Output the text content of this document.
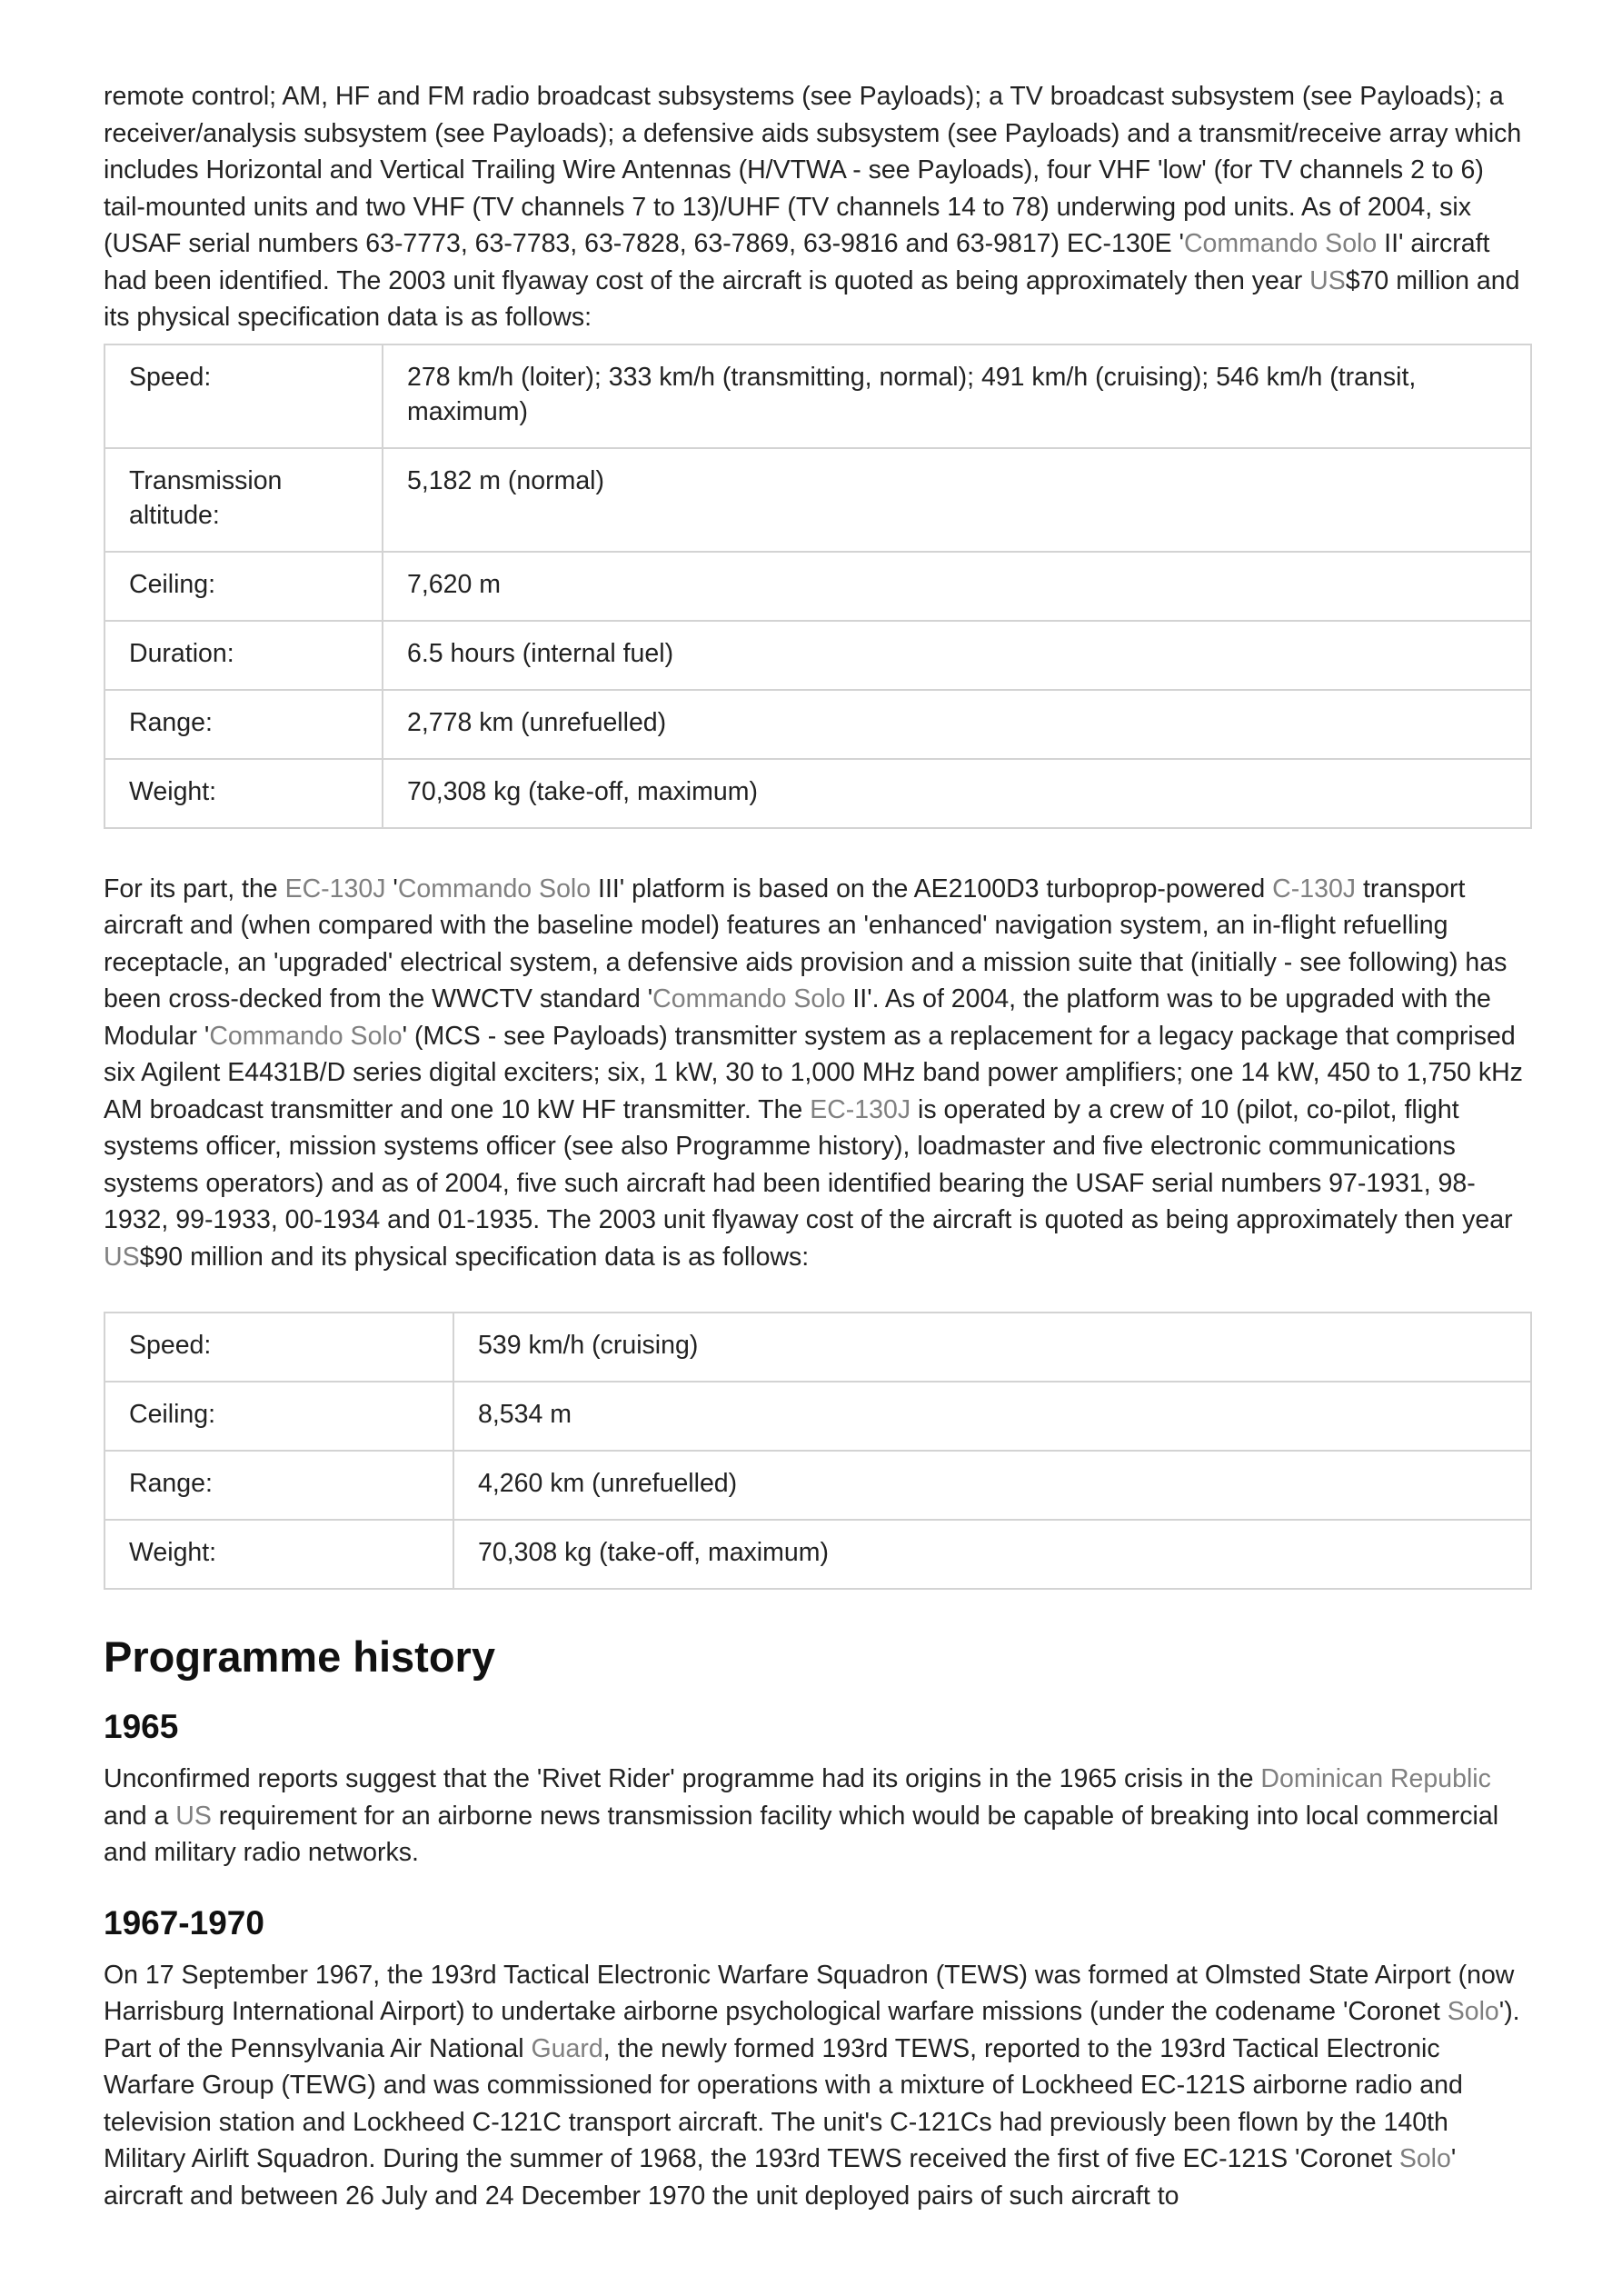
remote control; AM, HF and FM radio broadcast subsystems (see Payloads); a TV broadcast subsystem (see Payloads); a receiver/analysis subsystem (see Payloads); a defensive aids subsystem (see Payloads) and a transmit/receive array which includes Horizontal and Vertical Trailing Wire Antennas (H/VTWA - see Payloads), four VHF 'low' (for TV channels 2 to 6) tail-mounted units and two VHF (TV channels 7 to 13)/UHF (TV channels 14 to 78) underwing pod units. As of 2004, six (USAF serial numbers 63-7773, 63-7783, 63-7828, 63-7869, 63-9816 and 63-9817) EC-130E 'Commando Solo II' aircraft had been identified. The 2003 unit flyaway cost of the aircraft is quoted as being approximately then year US$70 million and its physical specification data is as follows:

Speed:	278 km/h (loiter); 333 km/h (transmitting, normal); 491 km/h (cruising); 546 km/h (transit, maximum)
Transmission altitude:	5,182 m (normal)
Ceiling:	7,620 m
Duration:	6.5 hours (internal fuel)
Range:	2,778 km (unrefuelled)
Weight:	70,308 kg (take-off, maximum)

For its part, the EC-130J 'Commando Solo III' platform is based on the AE2100D3 turboprop-powered C-130J transport aircraft and (when compared with the baseline model) features an 'enhanced' navigation system, an in-flight refuelling receptacle, an 'upgraded' electrical system, a defensive aids provision and a mission suite that (initially - see following) has been cross-decked from the WWCTV standard 'Commando Solo II'. As of 2004, the platform was to be upgraded with the Modular 'Commando Solo' (MCS - see Payloads) transmitter system as a replacement for a legacy package that comprised six Agilent E4431B/D series digital exciters; six, 1 kW, 30 to 1,000 MHz band power amplifiers; one 14 kW, 450 to 1,750 kHz AM broadcast transmitter and one 10 kW HF transmitter. The EC-130J is operated by a crew of 10 (pilot, co-pilot, flight systems officer, mission systems officer (see also Programme history), loadmaster and five electronic communications systems operators) and as of 2004, five such aircraft had been identified bearing the USAF serial numbers 97-1931, 98-1932, 99-1933, 00-1934 and 01-1935. The 2003 unit flyaway cost of the aircraft is quoted as being approximately then year US$90 million and its physical specification data is as follows:

Speed:	539 km/h (cruising)
Ceiling:	8,534 m
Range:	4,260 km (unrefuelled)
Weight:	70,308 kg (take-off, maximum)
Programme history
1965

Unconfirmed reports suggest that the 'Rivet Rider' programme had its origins in the 1965 crisis in the Dominican Republic and a US requirement for an airborne news transmission facility which would be capable of breaking into local commercial and military radio networks.

1967-1970

On 17 September 1967, the 193rd Tactical Electronic Warfare Squadron (TEWS) was formed at Olmsted State Airport (now Harrisburg International Airport) to undertake airborne psychological warfare missions (under the codename 'Coronet Solo'). Part of the Pennsylvania Air National Guard, the newly formed 193rd TEWS, reported to the 193rd Tactical Electronic Warfare Group (TEWG) and was commissioned for operations with a mixture of Lockheed EC-121S airborne radio and television station and Lockheed C-121C transport aircraft. The unit's C-121Cs had previously been flown by the 140th Military Airlift Squadron. During the summer of 1968, the 193rd TEWS received the first of five EC-121S 'Coronet Solo' aircraft and between 26 July and 24 December 1970 the unit deployed pairs of such aircraft to
